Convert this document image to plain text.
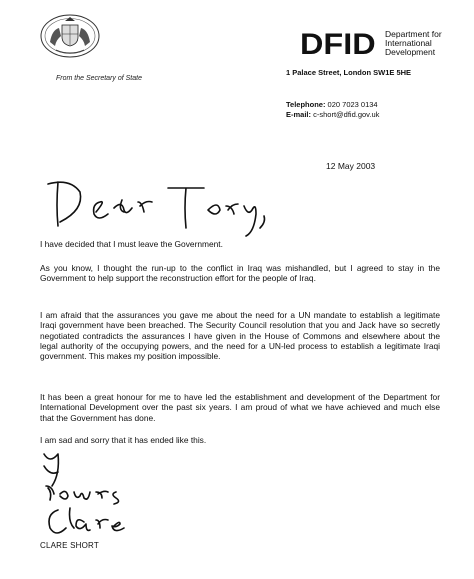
From the Secretary of State
DFID Department for
International
Development
1 Palace Street, London SW1E 5HE
Telephone: 020 7023 0134
E-mail: c-short@dfid.gov.uk
12 May 2003
I have decided that I must leave the Government.
As you know, I thought the run-up to the conflict in Iraq was mishandled, but I agreed to stay in the Government to help support the reconstruction effort for the people of Iraq.
I am afraid that the assurances you gave me about the need for a UN mandate to establish a legitimate Iraqi government have been breached. The Security Council resolution that you and Jack have so secretly negotiated contradicts the assurances I have given in the House of Commons and elsewhere about the legal authority of the occupying powers, and the need for a UN-led process to establish a legitimate Iraqi government. This makes my position impossible.
It has been a great honour for me to have led the establishment and development of the Department for International Development over the past six years. I am proud of what we have achieved and much else that the Government has done.
I am sad and sorry that it has ended like this.
CLARE SHORT
